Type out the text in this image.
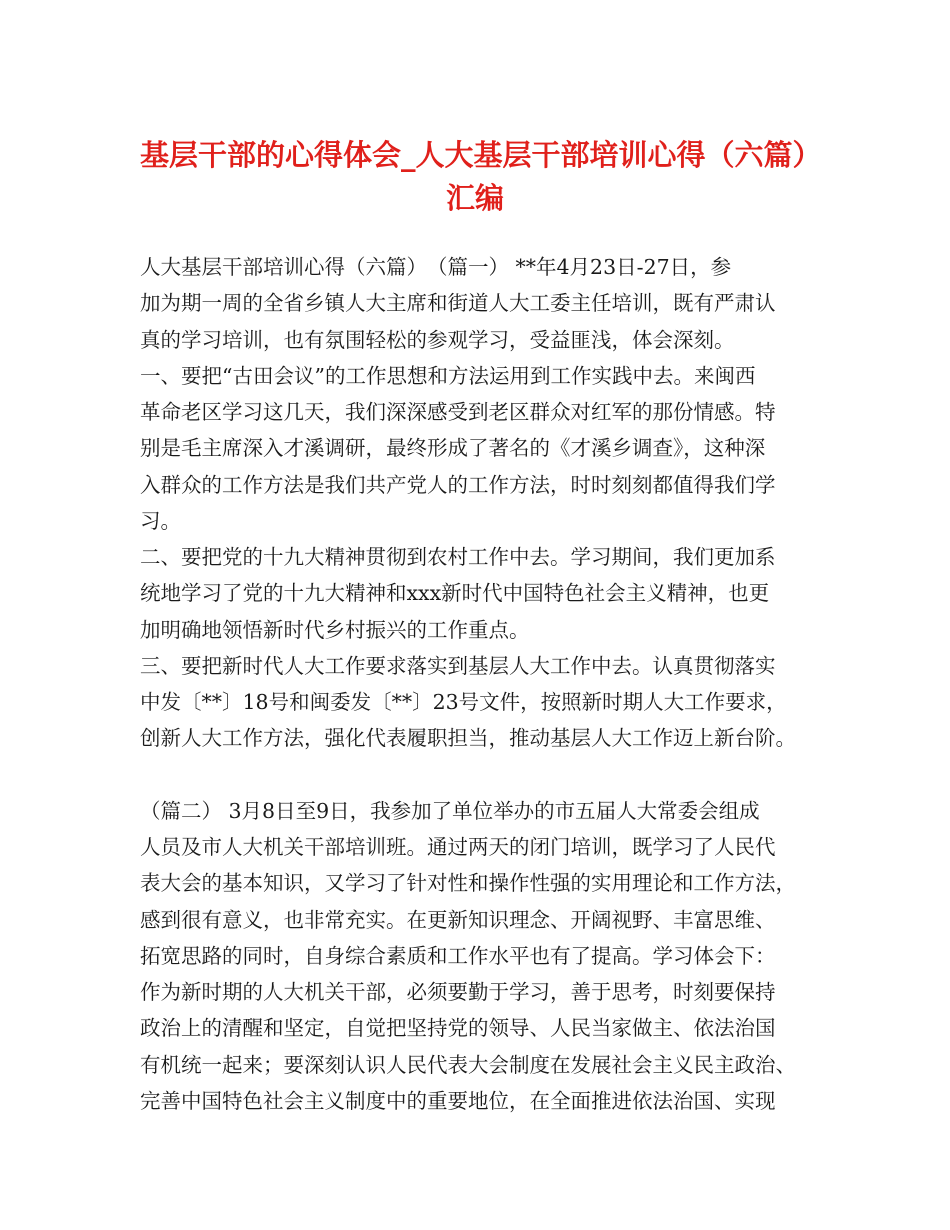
基层干部的心得体会_人大基层干部培训心得（六篇）
汇编
人大基层干部培训心得（六篇）　（篇一） **年4月23日-27日，参
加为期一周的全省乡镇人大主席和街道人大工委主任培训，既有严肃认
真的学习培训，也有氛围轻松的参观学习，受益匪浅，体会深刻。
一、要把“古田会议”的工作思想和方法运用到工作实践中去。来闽西
革命老区学习这几天，我们深深感受到老区群众对红军的那份情感。特
别是毛主席深入才溪调研，最终形成了著名的《才溪乡调查》，这种深
入群众的工作方法是我们共产党人的工作方法，时时刻刻都值得我们学
习。
二、要把党的十九大精神贯彻到农村工作中去。学习期间，我们更加系
统地学习了党的十九大精神和xxx新时代中国特色社会主义精神，也更
加明确地领悟新时代乡村振兴的工作重点。
三、要把新时代人大工作要求落实到基层人大工作中去。认真贯彻落实
中发〔**〕18号和闽委发〔**〕23号文件，按照新时期人大工作要求，
创新人大工作方法，强化代表履职担当，推动基层人大工作迈上新台阶。
（篇二） 3月8日至9日，我参加了单位举办的市五届人大常委会组成
人员及市人大机关干部培训班。通过两天的闭门培训，既学习了人民代
表大会的基本知识，又学习了针对性和操作性强的实用理论和工作方法，
感到很有意义，也非常充实。在更新知识理念、开阔视野、丰富思维、
拓宽思路的同时，自身综合素质和工作水平也有了提高。学习体会下：
作为新时期的人大机关干部，必须要勤于学习，善于思考，时刻要保持
政治上的清醒和坚定，自觉把坚持党的领导、人民当家做主、依法治国
有机统一起来；要深刻认识人民代表大会制度在发展社会主义民主政治、
完善中国特色社会主义制度中的重要地位，在全面推进依法治国、实现
